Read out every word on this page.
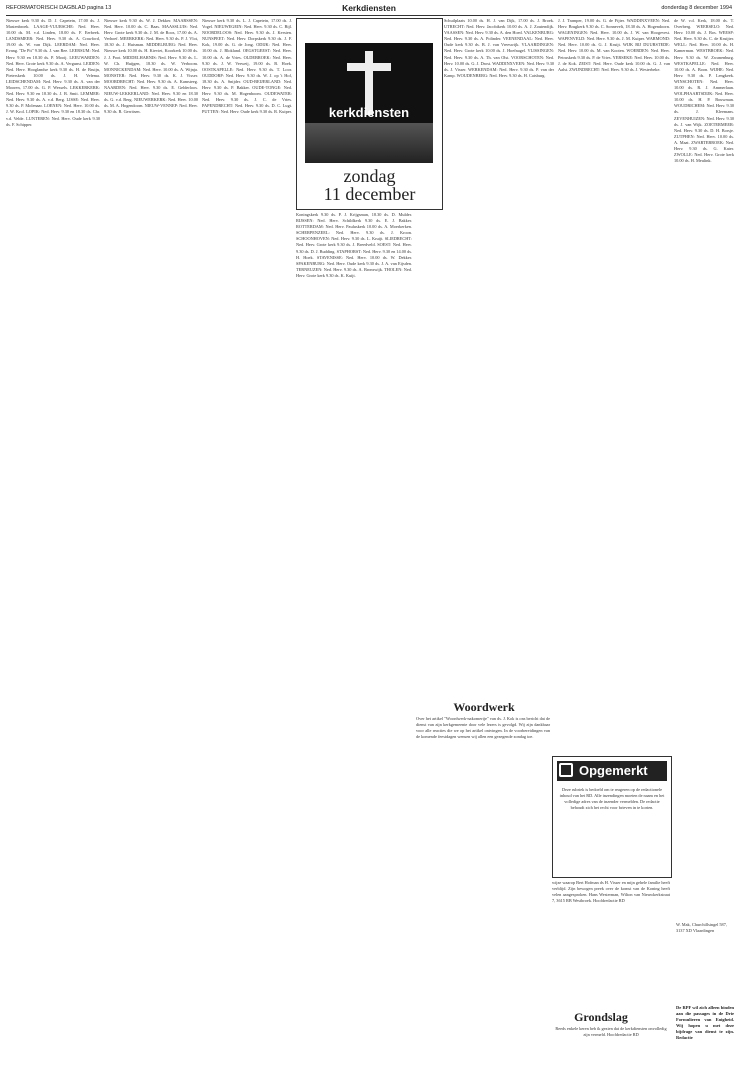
REFORMATORISCH DAGBLAD pagina 13	Kerkdiensten	donderdag 8 december 1994

Nieuwe kerk 9.30 ds. D. J. Capetein, 17.00 ds. J. Mastenbroek. LAAGE-VUURSCHE: Ned. Herv. 10.00 ds. M. v.d. Linden, 18.00 ds. F. Eerbeek. LANDSMEER: Ned. Herv. 9.30 ds. A. Crawford, 19.00 ds. W. van Dijk. LEERDAM: Ned. Herv. Evang. "De Pit" 9.30 ds. J. van Ree. LEERSUM: Ned. Herv. 9.30 en 18.30 ds. P. Mooij. LEEUWARDEN: Ned. Herv. Grote kerk 9.30 ds. A. Vergunst. LEIDEN: Ned. Herv. Hooglandse kerk 9.30 ds. H. de Bruijn, Pieterskerk 10.00 ds. J. H. Velema. LEIDSCHENDAM: Ned. Herv. 9.30 ds. A. van der Mooren, 17.00 ds. G. P. Wessels. LEKKERKERK: Ned. Herv. 9.30 en 18.30 ds. J. B. Smit. LEMMER: Ned. Herv. 9.30 ds. A. v.d. Berg. LISSE: Ned. Herv. 9.30 ds. P. Molenaar. LOENEN: Ned. Herv. 10.00 ds. J. W. Krol. LOPIK: Ned. Herv. 9.30 en 18.30 ds. Chr. v.d. Velde. LUNTEREN: Ned. Herv. Oude kerk 9.30 ds. F. Schipper.

Nieuwe kerk 9.30 ds. W. J. Dekker. MAARSSEN: Ned. Herv. 10.00 ds. C. Baas. MAASSLUIS: Ned. Herv. Grote kerk 9.30 ds. J. M. de Roos, 17.00 ds. A. Verhoef. MEERKERK: Ned. Herv. 9.30 ds. P. J. Vlot, 18.30 ds. J. Huisman. MIDDELBURG: Ned. Herv. Nieuwe kerk 10.00 ds. H. Kieviet, Koorkerk 10.00 ds. J. J. Poot. MIDDELHARNIS: Ned. Herv. 9.30 ds. L. W. Ch. Huijgen, 18.30 ds. W. Verboom. MONNICKENDAM: Ned. Herv. 10.00 ds. A. Wijnja. MONSTER: Ned. Herv. 9.30 ds. K. J. Visser. MOORDRECHT: Ned. Herv. 9.30 ds. A. Kamsteeg. NAARDEN: Ned. Herv. 9.30 ds. E. Gelderloos. NIEUW-LEKKERLAND: Ned. Herv. 9.30 en 18.30 ds. G. v.d. Berg. NIEUWERKERK: Ned. Herv. 10.00 ds. M. A. Hogendoorn. NIEUW-VENNEP: Ned. Herv. 9.30 ds. R. Gerritsen.

Nieuwe kerk 9.30 ds. L. J. Capetein, 17.00 ds. J. Vogel. NIEUWEGEIN: Ned. Herv. 9.30 ds. C. Bijl. NOORDELOOS: Ned. Herv. 9.30 ds. J. Kersten. NUNSPEET: Ned. Herv. Dorpskerk 9.30 ds. J. F. Kok, 19.00 ds. G. de Jong. ODIJK: Ned. Herv. 10.00 ds. J. Blokland. OEGSTGEEST: Ned. Herv. 10.00 ds. A. de Vries. OLDEBROEK: Ned. Herv. 9.30 ds. J. W. Verweij, 19.00 ds. B. Hoek. OOSTKAPELLE: Ned. Herv. 9.30 ds. T. Loor. OUDDORP: Ned. Herv. 9.30 ds. W. J. op 't Hof, 18.30 ds. A. Snijder. OUD-BEIJERLAND: Ned. Herv. 9.30 ds. P. Bakker. OUDE-TONGE: Ned. Herv. 9.30 ds. M. Hogenboom. OUDEWATER: Ned. Herv. 9.30 ds. J. C. de Vries. PAPENDRECHT: Ned. Herv. 9.30 ds. D. C. Lugt. PUTTEN: Ned. Herv. Oude kerk 9.30 ds. R. Kuiper.

Koningskerk 9.30 ds. P. J. Krijgsman, 18.30 ds. D. Mulder. RIJSSEN: Ned. Herv. Schildkerk 9.30 ds. E. J. Bakker. ROTTERDAM: Ned. Herv. Pauluskerk 10.00 ds. A. Moerkerken. SCHERPENZEEL: Ned. Herv. 9.30 ds. J. Kroon. SCHOONHOVEN: Ned. Herv. 9.30 ds. L. Kruijt. SLIEDRECHT: Ned. Herv. Grote kerk 9.30 ds. J. Breedveld. SOEST: Ned. Herv. 9.30 ds. D. J. Budding. STAPHORST: Ned. Herv. 9.30 en 14.00 ds. H. Hoek. STAVENISSE: Ned. Herv. 10.00 ds. W. Dekker. SPAKENBURG: Ned. Herv. Oude kerk 9.30 ds. J. A. van Eijsden. TERNEUZEN: Ned. Herv. 9.30 ds. A. Bronswijk. THOLEN: Ned. Herv. Grote kerk 9.30 ds. K. Kuijt.

Schuilplaats 10.00 ds. H. J. van Dijk, 17.00 ds. J. Broek. UTRECHT: Ned. Herv. Jacobikerk 10.00 ds. A. J. Zoutendijk. VAASSEN: Ned. Herv. 9.30 ds. A. den Hoed. VALKENBURG: Ned. Herv. 9.30 ds. A. Polinder. VEENENDAAL: Ned. Herv. Oude kerk 9.30 ds. B. J. van Vreeswijk. VLAARDINGEN: Ned. Herv. Grote kerk 10.00 ds. J. Hoefnagel. VLISSINGEN: Ned. Herv. 9.30 ds. A. Th. van Olst. VOORSCHOTEN: Ned. Herv. 10.00 ds. G. J. Drost. WADDINXVEEN: Ned. Herv. 9.30 ds. J. Visser. WERKENDAM: Ned. Herv. 9.30 ds. P. van der Kamp. WOUDENBERG: Ned. Herv. 9.30 ds. H. Catsburg.

J. J. Tramper, 19.00 ds. G. de Fijter. WADDINXVEEN: Ned. Herv. Brugkerk 9.30 ds. C. Sonnevelt, 18.30 ds. A. Hogendoorn. WAGENINGEN: Ned. Herv. 10.00 ds. J. W. van Hoogevest. WAPENVELD: Ned. Herv. 9.30 ds. J. M. Kuiper. WARMOND: Ned. Herv. 10.00 ds. G. J. Kruijt. WIJK BIJ DUURSTEDE: Ned. Herv. 10.00 ds. M. van Kooten. WOERDEN: Ned. Herv. Petruskerk 9.30 ds. P. de Vries. YERSEKE: Ned. Herv. 10.00 ds. J. de Kok. ZEIST: Ned. Herv. Oude kerk 10.00 ds. G. J. van Aalst. ZWIJNDRECHT: Ned. Herv. 9.30 ds. J. Westerbeke.

kerkdiensten
zondag
11 december
Woordwerk
Over het artikel "Woordwerk-nakomertje" van ds. J. Kok is ons bericht dat de dienst van zijn kerkgemeente door vele lezers is gevolgd. Wij zijn dankbaar voor alle reacties die we op het artikel ontvingen. In de voorbereidingen van de komende feestdagen wensen wij allen een gezegende zondag toe.
Opgemerkt
Deze rubriek is bedoeld om te reageren op de redactionele inhoud van het RD. Alle inzendingen moeten de naam en het volledige adres van de inzender vermelden. De redactie behoudt zich het recht voor brieven in te korten.
wijze waarop Bert Hofman ds H. Visser en mijn gehele familie heeft verblijd. Zijn bewogen preek over de komst van de Koning heeft velen aangesproken. Hans Westerman, Wilton van Nieuwkerkstraat 7, 3615 RB Westbroek. Hoofdredactie RD
Grondslag
Reeds enkele keren heb ik gezien dat de kerkdiensten onvolledig zijn vermeld. Hoofdredactie RD

de W. v.d. Kerk, 18.00 ds. T. Overberg. WEERSELO: Ned. Herv. 10.00 ds. J. Bos. WEESP: Ned. Herv. 9.30 ds. C. de Kruijter. WELL: Ned. Herv. 10.00 ds. H. Kamerman. WESTBROEK: Ned. Herv. 9.30 ds. W. Zwanenburg. WESTKAPELLE: Ned. Herv. 10.00 ds. A. Boon. WIJHE: Ned. Herv. 9.30 ds. P. Lengkeek. WINSCHOTEN: Ned. Herv. 10.00 ds. R. J. Ammerlaan. WOLPHAARTSDIJK: Ned. Herv. 10.00 ds. H. P. Bouwman. WOUDRICHEM: Ned. Herv. 9.30 ds. J. Kleemans. ZEVENHUIZEN: Ned. Herv. 9.30 ds. J. van Wijk. ZOETERMEER: Ned. Herv. 9.30 ds. D. H. Borsje. ZUTPHEN: Ned. Herv. 10.00 ds. A. Maat. ZWARTEBROEK: Ned. Herv. 9.30 ds. G. Kater. ZWOLLE: Ned. Herv. Grote kerk 10.00 ds. H. Meulink.

W. Mak, Churchillsingel 587, 3137 XD Vlaardingen
De RPF wil zich alleen binden aan die passages in de Drie Formulieren van Enigheid. Wij hopen u met deze bijdrage van dienst te zijn. Redactie
